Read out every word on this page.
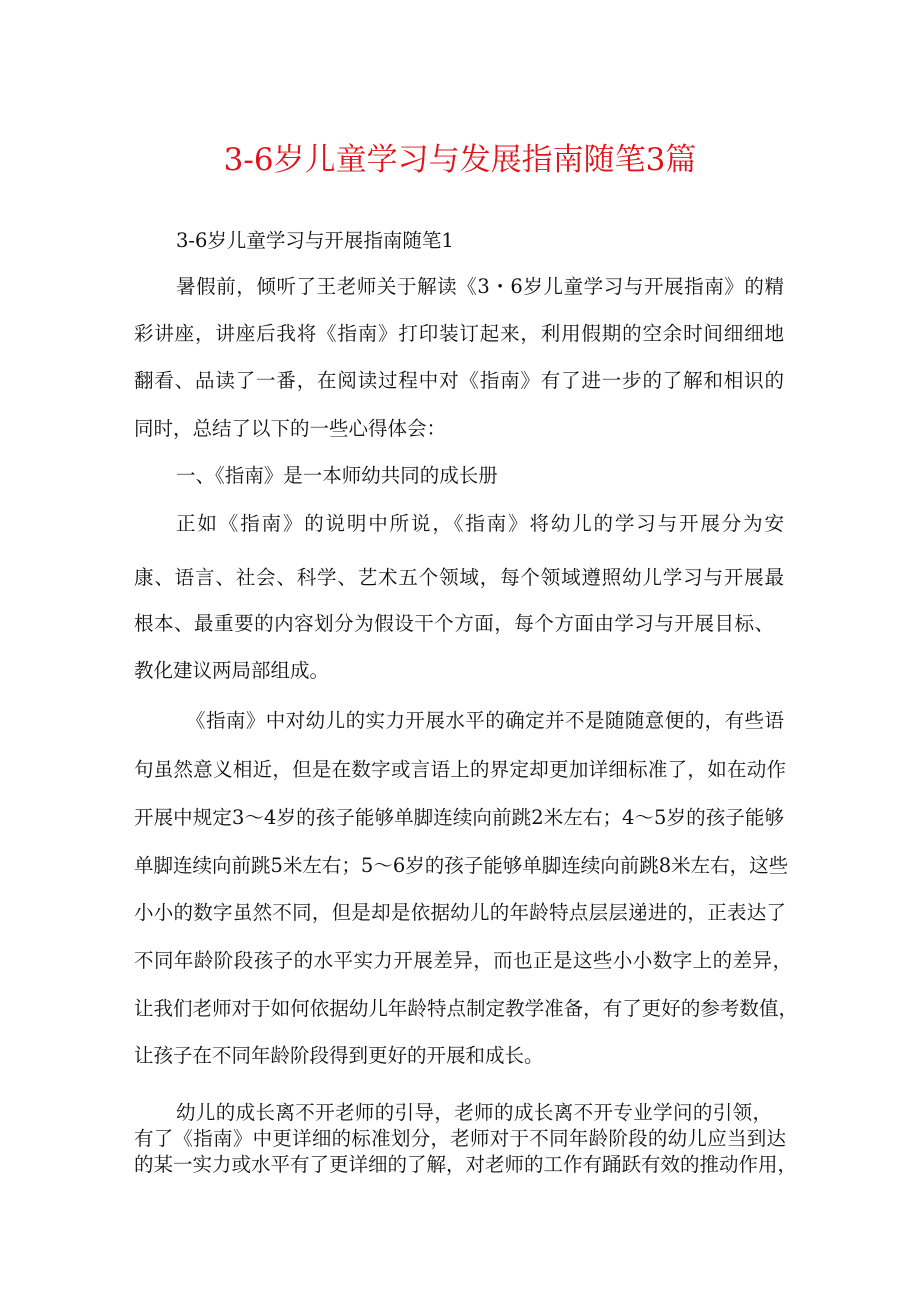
3-6岁儿童学习与发展指南随笔3篇
3-6岁儿童学习与开展指南随笔1
暑假前，倾听了王老师关于解读《3・6岁儿童学习与开展指南》的精
彩讲座，讲座后我将《指南》打印装订起来，利用假期的空余时间细细地
翻看、品读了一番，在阅读过程中对《指南》有了进一步的了解和相识的
同时，总结了以下的一些心得体会：
一、《指南》是一本师幼共同的成长册
正如《指南》的说明中所说，《指南》将幼儿的学习与开展分为安
康、语言、社会、科学、艺术五个领域，每个领域遵照幼儿学习与开展最
根本、最重要的内容划分为假设干个方面，每个方面由学习与开展目标、
教化建议两局部组成。
《指南》中对幼儿的实力开展水平的确定并不是随随意便的，有些语
句虽然意义相近，但是在数字或言语上的界定却更加详细标准了，如在动作
开展中规定3～4岁的孩子能够单脚连续向前跳2米左右；4～5岁的孩子能够
单脚连续向前跳5米左右；5～6岁的孩子能够单脚连续向前跳8米左右，这些
小小的数字虽然不同，但是却是依据幼儿的年龄特点层层递进的，正表达了
不同年龄阶段孩子的水平实力开展差异，而也正是这些小小数字上的差异，
让我们老师对于如何依据幼儿年龄特点制定教学准备，有了更好的参考数值，
让孩子在不同年龄阶段得到更好的开展和成长。
幼儿的成长离不开老师的引导，老师的成长离不开专业学问的引领，
有了《指南》中更详细的标准划分，老师对于不同年龄阶段的幼儿应当到达
的某一实力或水平有了更详细的了解，对老师的工作有踊跃有效的推动作用，
